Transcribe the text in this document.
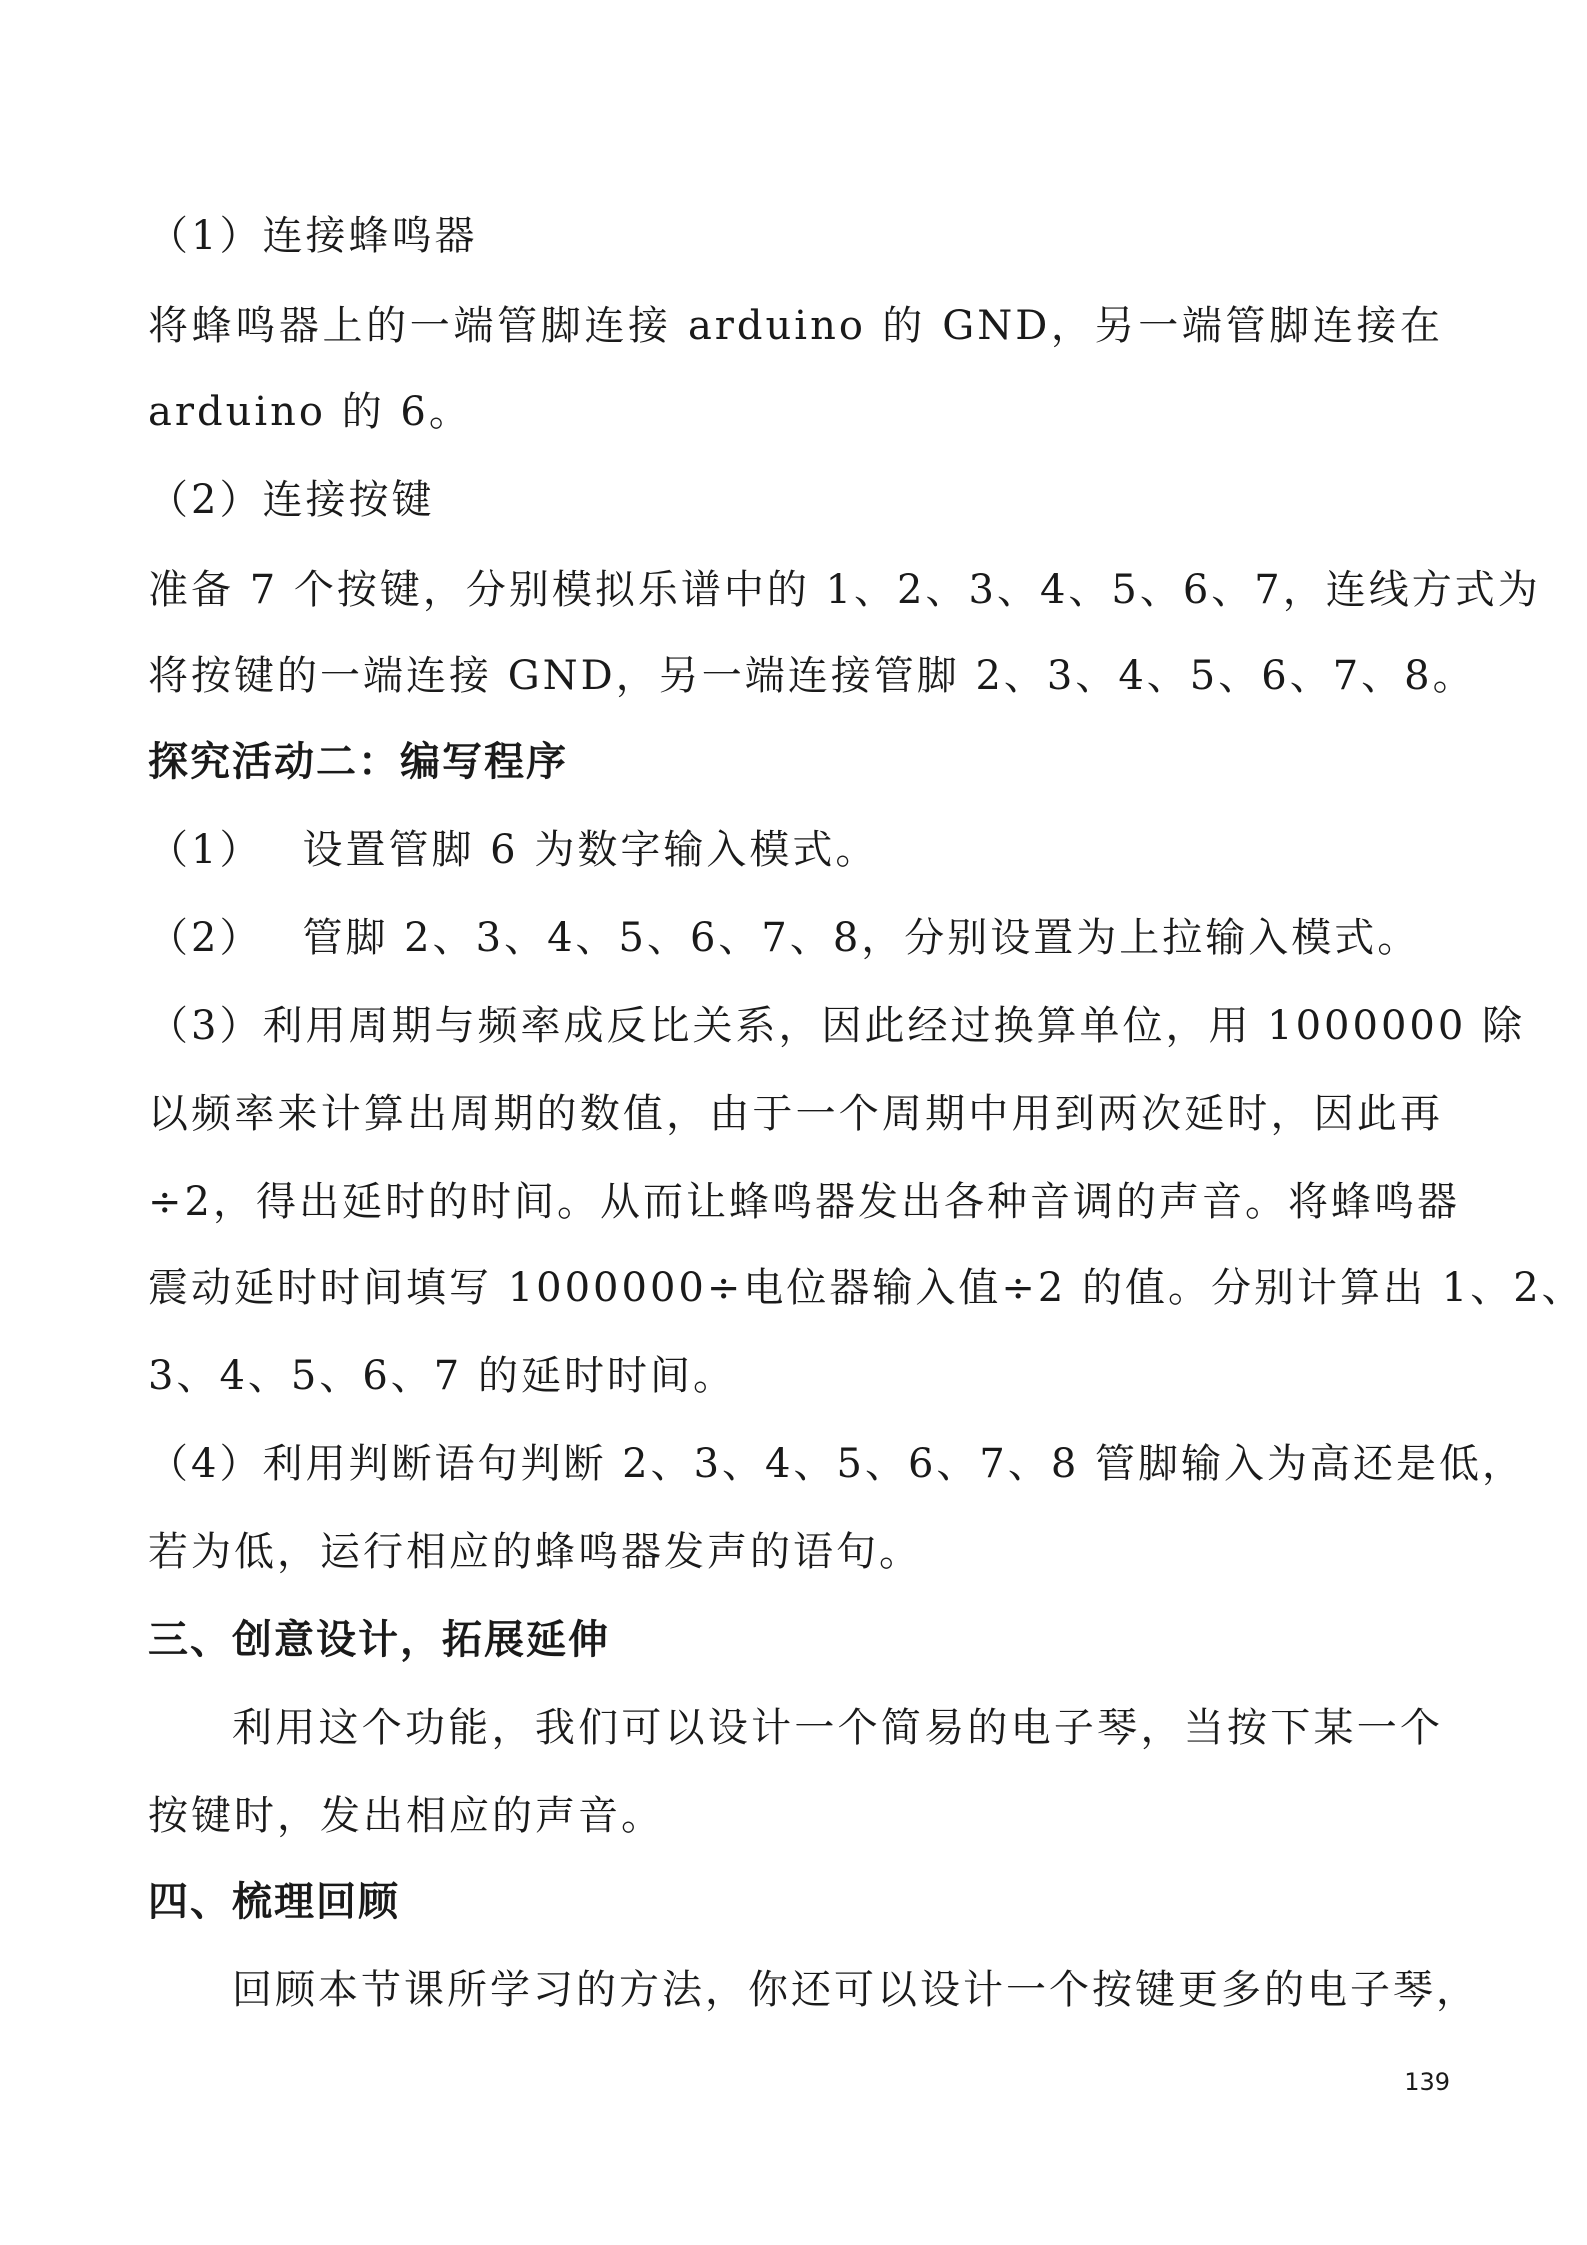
（1）连接蜂鸣器
将蜂鸣器上的一端管脚连接 arduino 的 GND，另一端管脚连接在
arduino 的 6。
（2）连接按键
准备 7 个按键，分别模拟乐谱中的 1、2、3、4、5、6、7，连线方式为
将按键的一端连接 GND，另一端连接管脚 2、3、4、5、6、7、8。
探究活动二：编写程序
（1） 设置管脚 6 为数字输入模式。
（2） 管脚 2、3、4、5、6、7、8，分别设置为上拉输入模式。
（3）利用周期与频率成反比关系，因此经过换算单位，用 1000000 除
以频率来计算出周期的数值，由于一个周期中用到两次延时，因此再
÷2，得出延时的时间。从而让蜂鸣器发出各种音调的声音。将蜂鸣器
震动延时时间填写 1000000÷电位器输入值÷2 的值。分别计算出 1、2、
3、4、5、6、7 的延时时间。
（4）利用判断语句判断 2、3、4、5、6、7、8 管脚输入为高还是低，
若为低，运行相应的蜂鸣器发声的语句。
三、创意设计，拓展延伸
利用这个功能，我们可以设计一个简易的电子琴，当按下某一个
按键时，发出相应的声音。
四、梳理回顾
回顾本节课所学习的方法，你还可以设计一个按键更多的电子琴，
139
